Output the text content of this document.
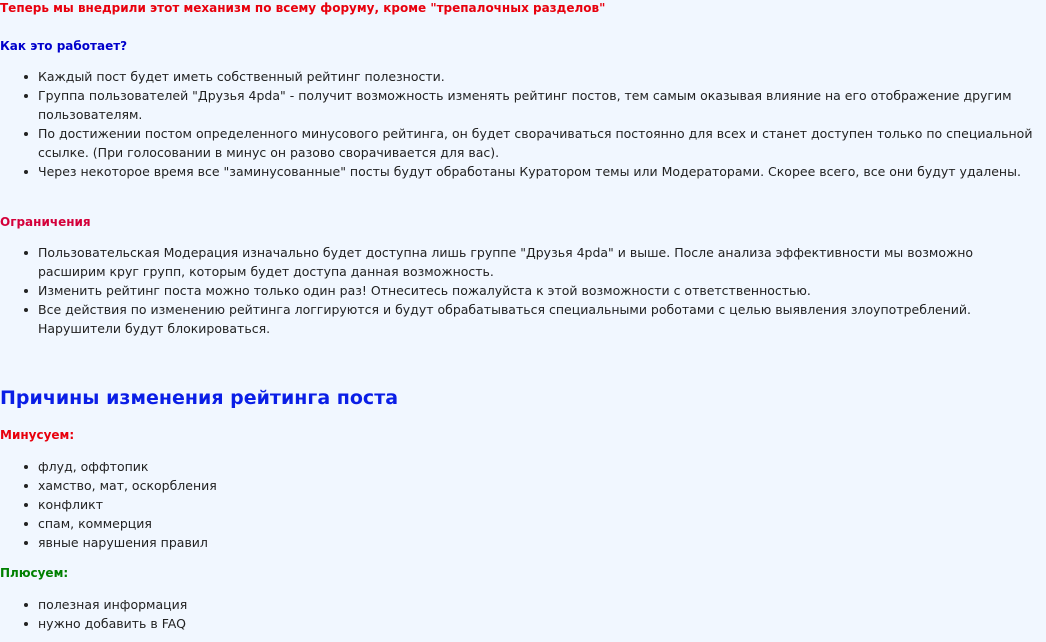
Теперь мы внедрили этот механизм по всему форуму, кроме "трепалочных разделов"
Как это работает?
Каждый пост будет иметь собственный рейтинг полезности.
Группа пользователей "Друзья 4pda" - получит возможность изменять рейтинг постов, тем самым оказывая влияние на его отображение другим пользователям.
По достижении постом определенного минусового рейтинга, он будет сворачиваться постоянно для всех и станет доступен только по специальной ссылке. (При голосовании в минус он разово сворачивается для вас).
Через некоторое время все "заминусованные" посты будут обработаны Куратором темы или Модераторами. Скорее всего, все они будут удалены.
Ограничения
Пользовательская Модерация изначально будет доступна лишь группе "Друзья 4pda" и выше. После анализа эффективности мы возможно расширим круг групп, которым будет доступа данная возможность.
Изменить рейтинг поста можно только один раз! Отнеситесь пожалуйста к этой возможности с ответственностью.
Все действия по изменению рейтинга логгируются и будут обрабатываться специальными роботами с целью выявления злоупотреблений. Нарушители будут блокироваться.
Причины изменения рейтинга поста
Минусуем:
флуд, оффтопик
хамство, мат, оскорбления
конфликт
спам, коммерция
явные нарушения правил
Плюсуем:
полезная информация
нужно добавить в FAQ
